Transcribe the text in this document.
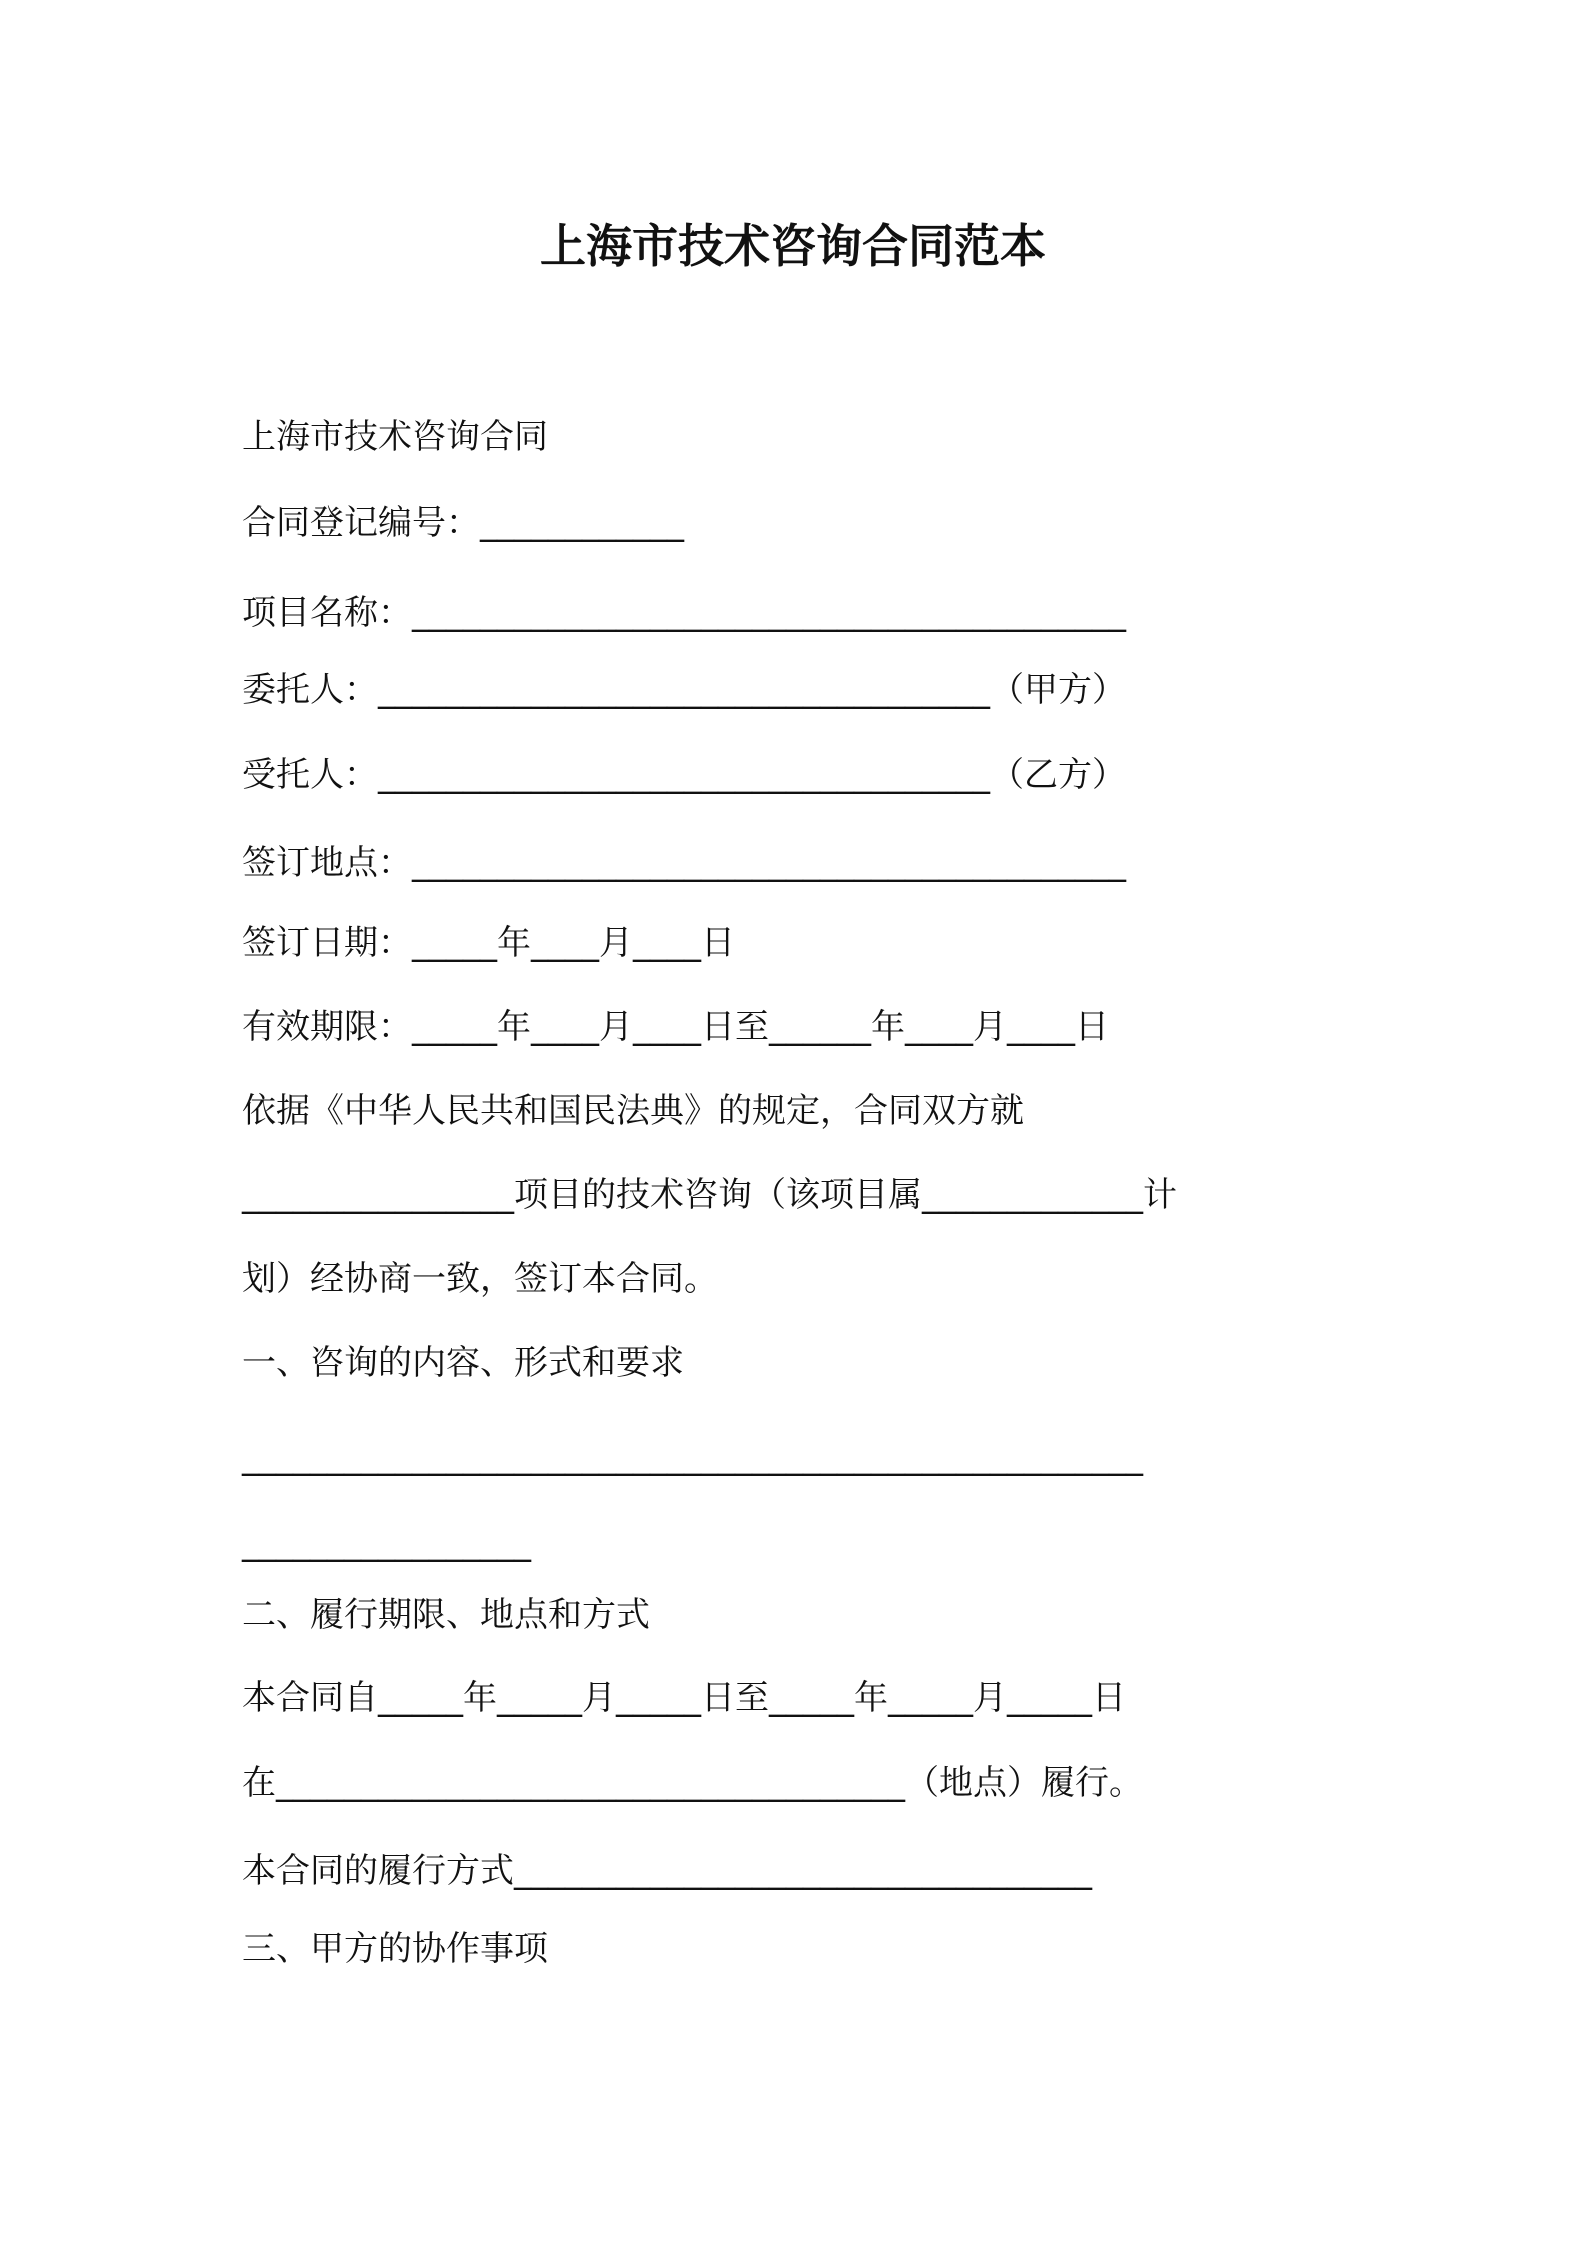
上海市技术咨询合同范本
上海市技术咨询合同
合同登记编号：____________
项目名称：__________________________________________
委托人：____________________________________（甲方）
受托人：____________________________________（乙方）
签订地点：__________________________________________
签订日期：_____年____月____日
有效期限：_____年____月____日至______年____月____日
依据《中华人民共和国民法典》的规定，合同双方就
________________项目的技术咨询（该项目属_____________计
划）经协商一致，签订本合同。
一、咨询的内容、形式和要求
_____________________________________________________
_________________
二、履行期限、地点和方式
本合同自_____年_____月_____日至_____年_____月_____日
在_____________________________________（地点）履行。
本合同的履行方式__________________________________
三、甲方的协作事项
